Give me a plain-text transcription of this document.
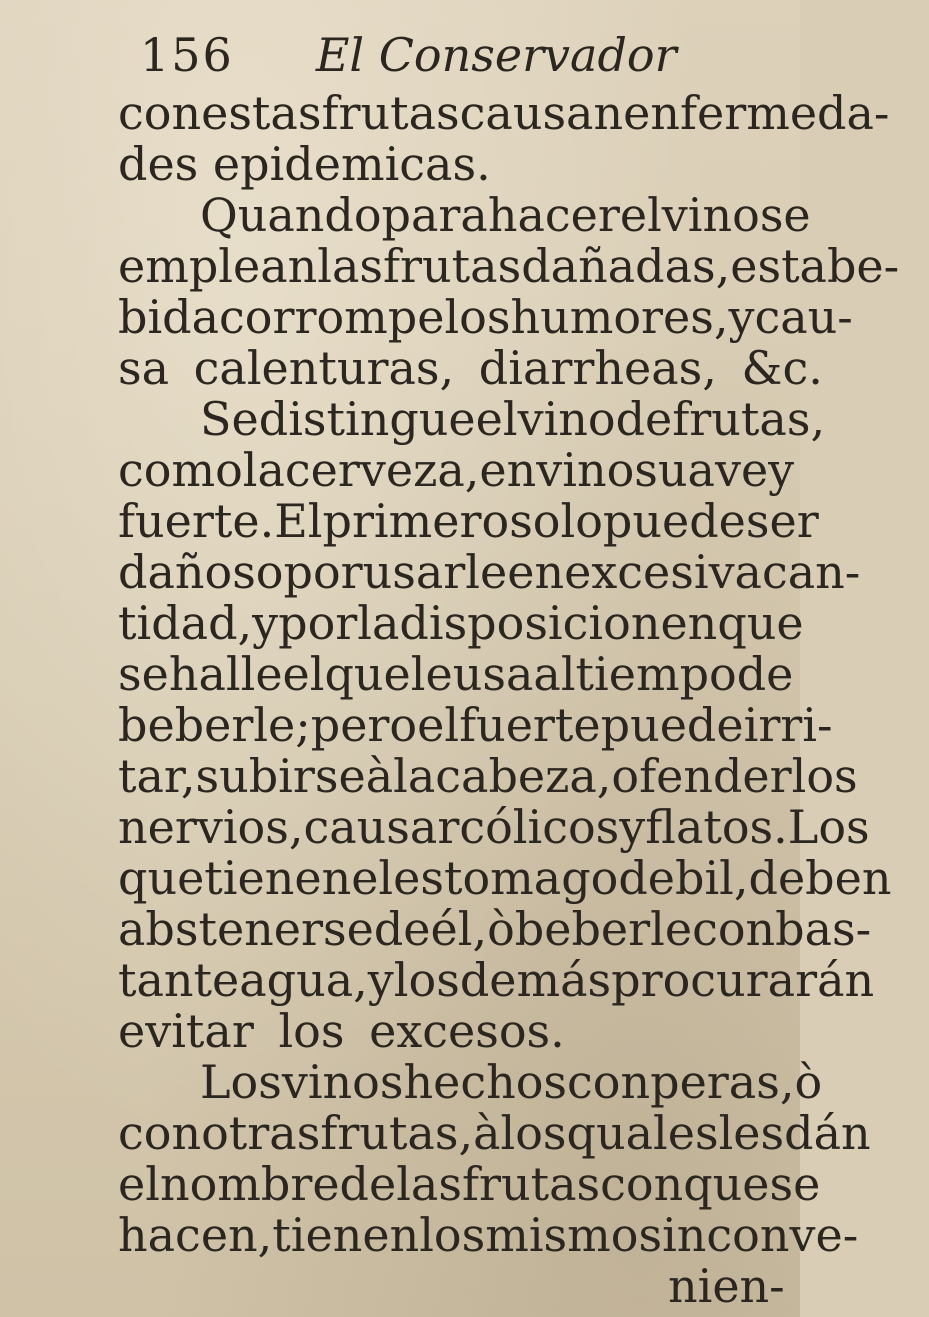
156 El Conservador
con estas frutas causan enfermeda-
des epidemicas.
Quando para hacer el vino se
emplean las frutas dañadas, esta be-
bida corrompe los humores, y cau-
sa calenturas, diarrheas, &c.
Se distingue el vino de frutas,
como la cerveza , en vino suave y
fuerte. El primero solo puede ser
dañoso por usarle en excesiva can-
tidad, y por la disposicion en que
se halle el que le usa al tiempo de
beberle; pero el fuerte puede irri-
tar, subirse à la cabeza, ofender los
nervios, causar cólicos y flatos. Los
que tienen el estomago debil, deben
abstenerse de él, ò beberle con bas-
tante agua, y los demás procurarán
evitar los excesos.
Los vinos hechos con peras, ò
con otras frutas, à los quales les dán
el nombre de las frutas con que se
hacen, tienen los mismos inconve-
nien-
